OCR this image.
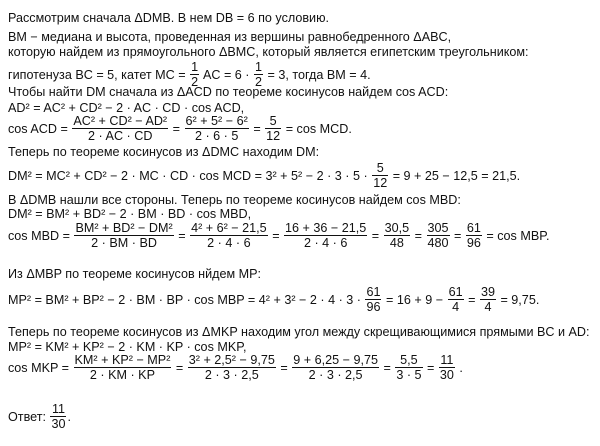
Рассмотрим сначала ΔDMB. В нем DB = 6 по условию.
BM − медиана и высота, проведенная из вершины равнобедренного ΔABC,
которую найдем из прямоугольного ΔBMC, который является египетским треугольником:
гипотенуза BC = 5, катет MC = $\frac{1}{2}$ AC = $6 \cdot \frac{1}{2} = 3$, тогда BM = 4.
Чтобы найти DM сначала из ΔACD по теореме косинусов найдем cos ACD:
AD² = AC² + CD² − 2 · AC · CD · cos ACD,
cos ACD = $\frac{\text{AC² + CD² − AD²}}{2 \cdot AC \cdot CD} = \frac{\text{6² + 5² − 6²}}{2 \cdot 6 \cdot 5} = \frac{5}{12} = \cos$ MCD.
Теперь по теореме косинусов из ΔDMC находим DM:
DM² = MC² + CD² − 2 · MC · CD · cos MCD = $3^2 + 5^2 - 2 \cdot 3 \cdot 5 \cdot \frac{5}{12} = 9 + 25 - 12,5 = 21,5$.
В ΔDMB нашли все стороны. Теперь по теореме косинусов найдем cos MBD:
DM² = BM² + BD² − 2 · BM · BD · cos MBD,
cos MBD = $\frac{\text{BM² + BD² − DM²}}{2 \cdot BM \cdot BD} = \frac{\text{4² + 6² − 21,5}}{2 \cdot 4 \cdot 6} = \frac{16 + 36 - 21,5}{2 \cdot 4 \cdot 6} = \frac{30,5}{48} = \frac{305}{480} = \frac{61}{96} = \cos$ MBP.
Из ΔMBP по теореме косинусов нйдем MP:
MP² = BM² + BP² − 2 · BM · BP · cos MBP = $4^2 + 3^2 - 2 \cdot 4 \cdot 3 \cdot \frac{61}{96} = 16 + 9 - \frac{61}{4} = \frac{39}{4} = 9,75$.
Теперь по теореме косинусов из ΔMKP находим угол между скрещивающимися прямыми BC и AD:
MP² = KM² + KP² − 2 · KM · KP · cos MKP,
cos MKP = $\frac{\text{KM² + KP² − MP²}}{2 \cdot KM \cdot KP} = \frac{\text{3² + 2,5² − 9,75}}{2 \cdot 3 \cdot 2,5} = \frac{9 + 6,25 - 9,75}{2 \cdot 3 \cdot 2,5} = \frac{5,5}{3 \cdot 5} = \frac{11}{30}$ .
Ответ: $\frac{11}{30}$ .
